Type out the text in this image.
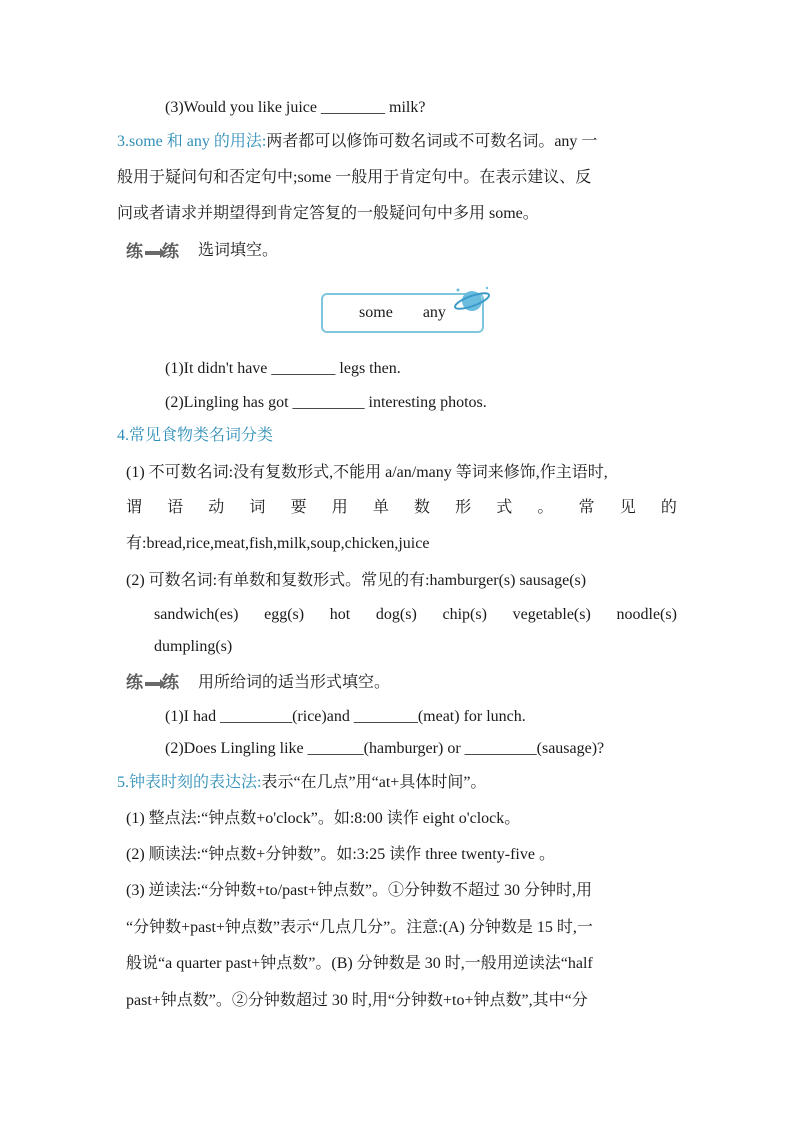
(3)Would you like juice ________ milk?
3.some 和 any 的用法:两者都可以修饰可数名词或不可数名词。any 一
般用于疑问句和否定句中;some 一般用于肯定句中。在表示建议、反
问或者请求并期望得到肯定答复的一般疑问句中多用 some。
练 练 选词填空。
some any
(1)It didn't have ________ legs then.
(2)Lingling has got _________ interesting photos.
4.常见食物类名词分类
(1) 不可数名词:没有复数形式,不能用 a/an/many 等词来修饰,作主语时,
谓 语 动 词 要 用 单 数 形 式 。 常 见 的
有:bread,rice,meat,fish,milk,soup,chicken,juice
(2) 可数名词:有单数和复数形式。常见的有:hamburger(s) sausage(s)
sandwich(es) egg(s) hot dog(s) chip(s) vegetable(s) noodle(s)
dumpling(s)
练 练 用所给词的适当形式填空。
(1)I had _________(rice)and ________(meat) for lunch.
(2)Does Lingling like _______(hamburger) or _________(sausage)?
5.钟表时刻的表达法:表示“在几点”用“at+具体时间”。
(1) 整点法:“钟点数+o'clock”。如:8:00 读作 eight o'clock。
(2) 顺读法:“钟点数+分钟数”。如:3:25 读作 three twenty-five 。
(3) 逆读法:“分钟数+to/past+钟点数”。①分钟数不超过 30 分钟时,用
“分钟数+past+钟点数”表示“几点几分”。注意:(A) 分钟数是 15 时,一
般说“a quarter past+钟点数”。(B) 分钟数是 30 时,一般用逆读法“half
past+钟点数”。②分钟数超过 30 时,用“分钟数+to+钟点数”,其中“分
